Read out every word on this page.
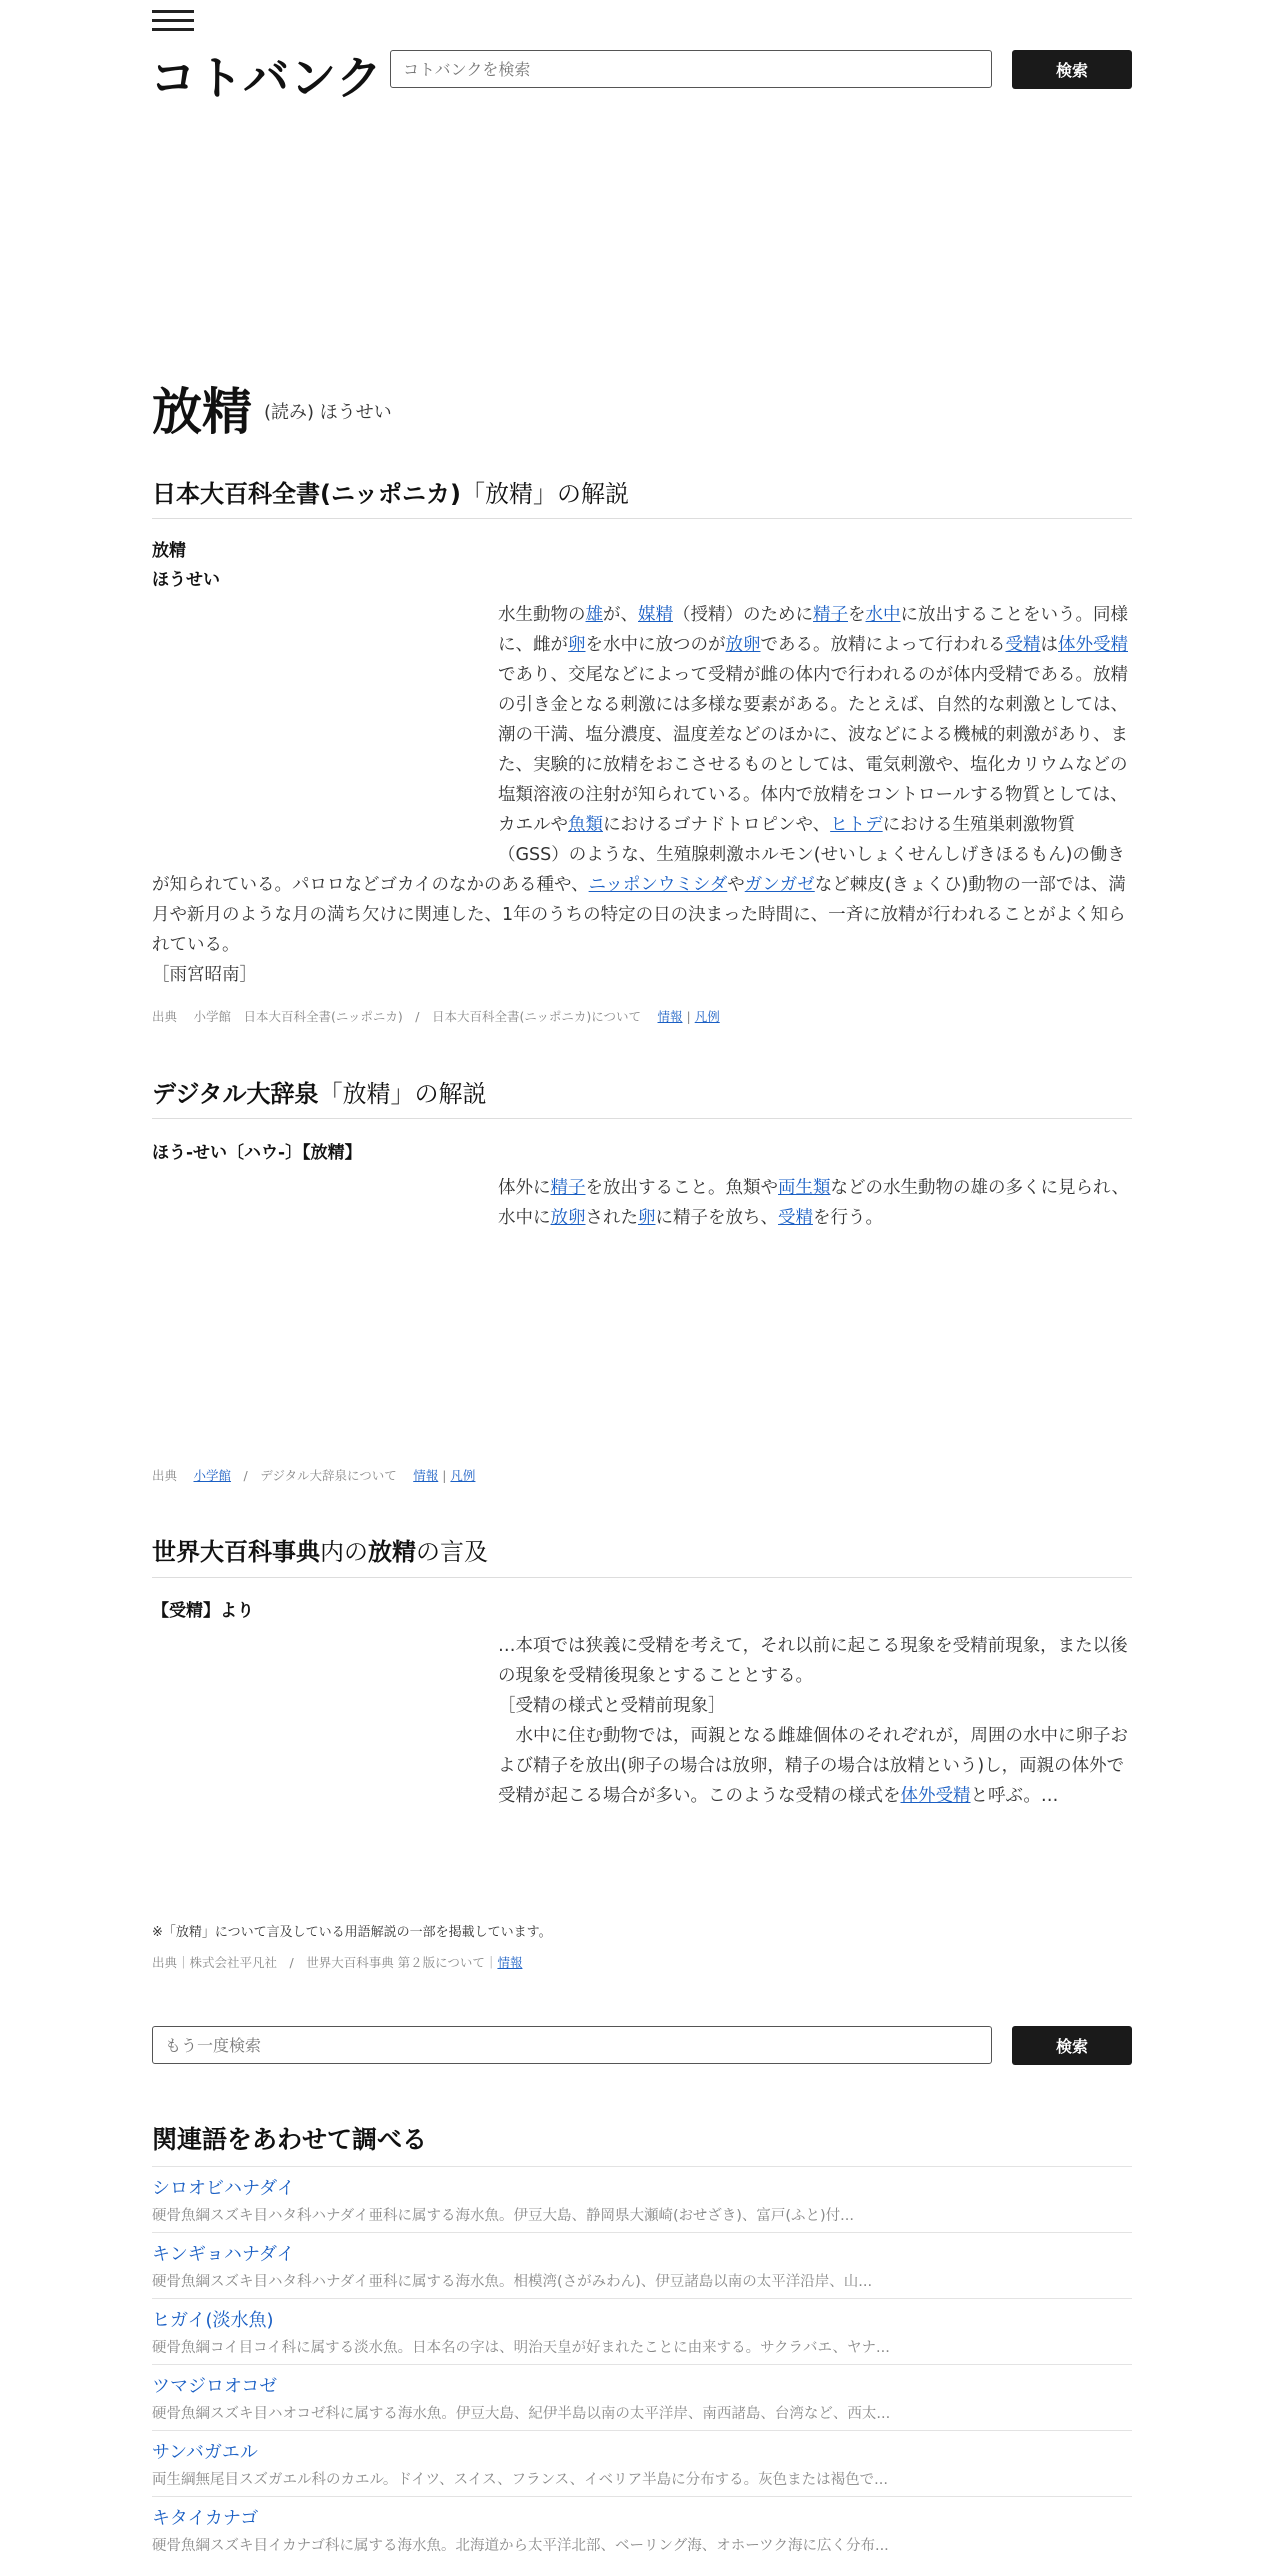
コトバンク
コトバンクを検索	検索
放精 (読み) ほうせい
日本大百科全書(ニッポニカ)「放精」の解説
放精
ほうせい
水生動物の雄が、媒精（授精）のために精子を水中に放出することをいう。同様に、雌が卵を水中に放つのが放卵である。放精によって行われる受精は体外受精であり、交尾などによって受精が雌の体内で行われるのが体内受精である。放精の引き金となる刺激には多様な要素がある。たとえば、自然的な刺激としては、潮の干満、塩分濃度、温度差などのほかに、波などによる機械的刺激があり、また、実験的に放精をおこさせるものとしては、電気刺激や、塩化カリウムなどの塩類溶液の注射が知られている。体内で放精をコントロールする物質としては、カエルや魚類におけるゴナドトロピンや、ヒトデにおける生殖巣刺激物質（GSS）のような、生殖腺刺激ホルモン(せいしょくせんしげきほるもん)の働きが知られている。パロロなどゴカイのなかのある種や、ニッポンウミシダやガンガゼなど棘皮(きょくひ)動物の一部では、満月や新月のような月の満ち欠けに関連した、1年のうちの特定の日の決まった時間に、一斉に放精が行われることがよく知られている。
［雨宮昭南］
出典　 小学館　 日本大百科全書(ニッポニカ)　/　日本大百科全書(ニッポニカ)について　 情報 | 凡例
デジタル大辞泉「放精」の解説
ほう-せい〔ハウ-〕【放精】
体外に精子を放出すること。魚類や両生類などの水生動物の雄の多くに見られ、水中に放卵された卵に精子を放ち、受精を行う。
出典　 小学館　/　デジタル大辞泉について　 情報 | 凡例
世界大百科事典内の放精の言及
【受精】より
…本項では狭義に受精を考えて，それ以前に起こる現象を受精前現象，また以後の現象を受精後現象とすることとする。
［受精の様式と受精前現象］
　水中に住む動物では，両親となる雌雄個体のそれぞれが，周囲の水中に卵子および精子を放出(卵子の場合は放卵，精子の場合は放精という)し，両親の体外で受精が起こる場合が多い。このような受精の様式を体外受精と呼ぶ。…
※「放精」について言及している用語解説の一部を掲載しています。
出典｜株式会社平凡社　/　世界大百科事典 第２版について｜情報
もう一度検索
検索
関連語をあわせて調べる
シロオビハナダイ
硬骨魚綱スズキ目ハタ科ハナダイ亜科に属する海水魚。伊豆大島、静岡県大瀬崎(おせざき)、富戸(ふと)付...
キンギョハナダイ
硬骨魚綱スズキ目ハタ科ハナダイ亜科に属する海水魚。相模湾(さがみわん)、伊豆諸島以南の太平洋沿岸、山...
ヒガイ(淡水魚)
硬骨魚綱コイ目コイ科に属する淡水魚。日本名の字は、明治天皇が好まれたことに由来する。サクラバエ、ヤナ...
ツマジロオコゼ
硬骨魚綱スズキ目ハオコゼ科に属する海水魚。伊豆大島、紀伊半島以南の太平洋岸、南西諸島、台湾など、西太...
サンバガエル
両生綱無尾目スズガエル科のカエル。ドイツ、スイス、フランス、イベリア半島に分布する。灰色または褐色で...
キタイカナゴ
硬骨魚綱スズキ目イカナゴ科に属する海水魚。北海道から太平洋北部、ベーリング海、オホーツク海に広く分布...
